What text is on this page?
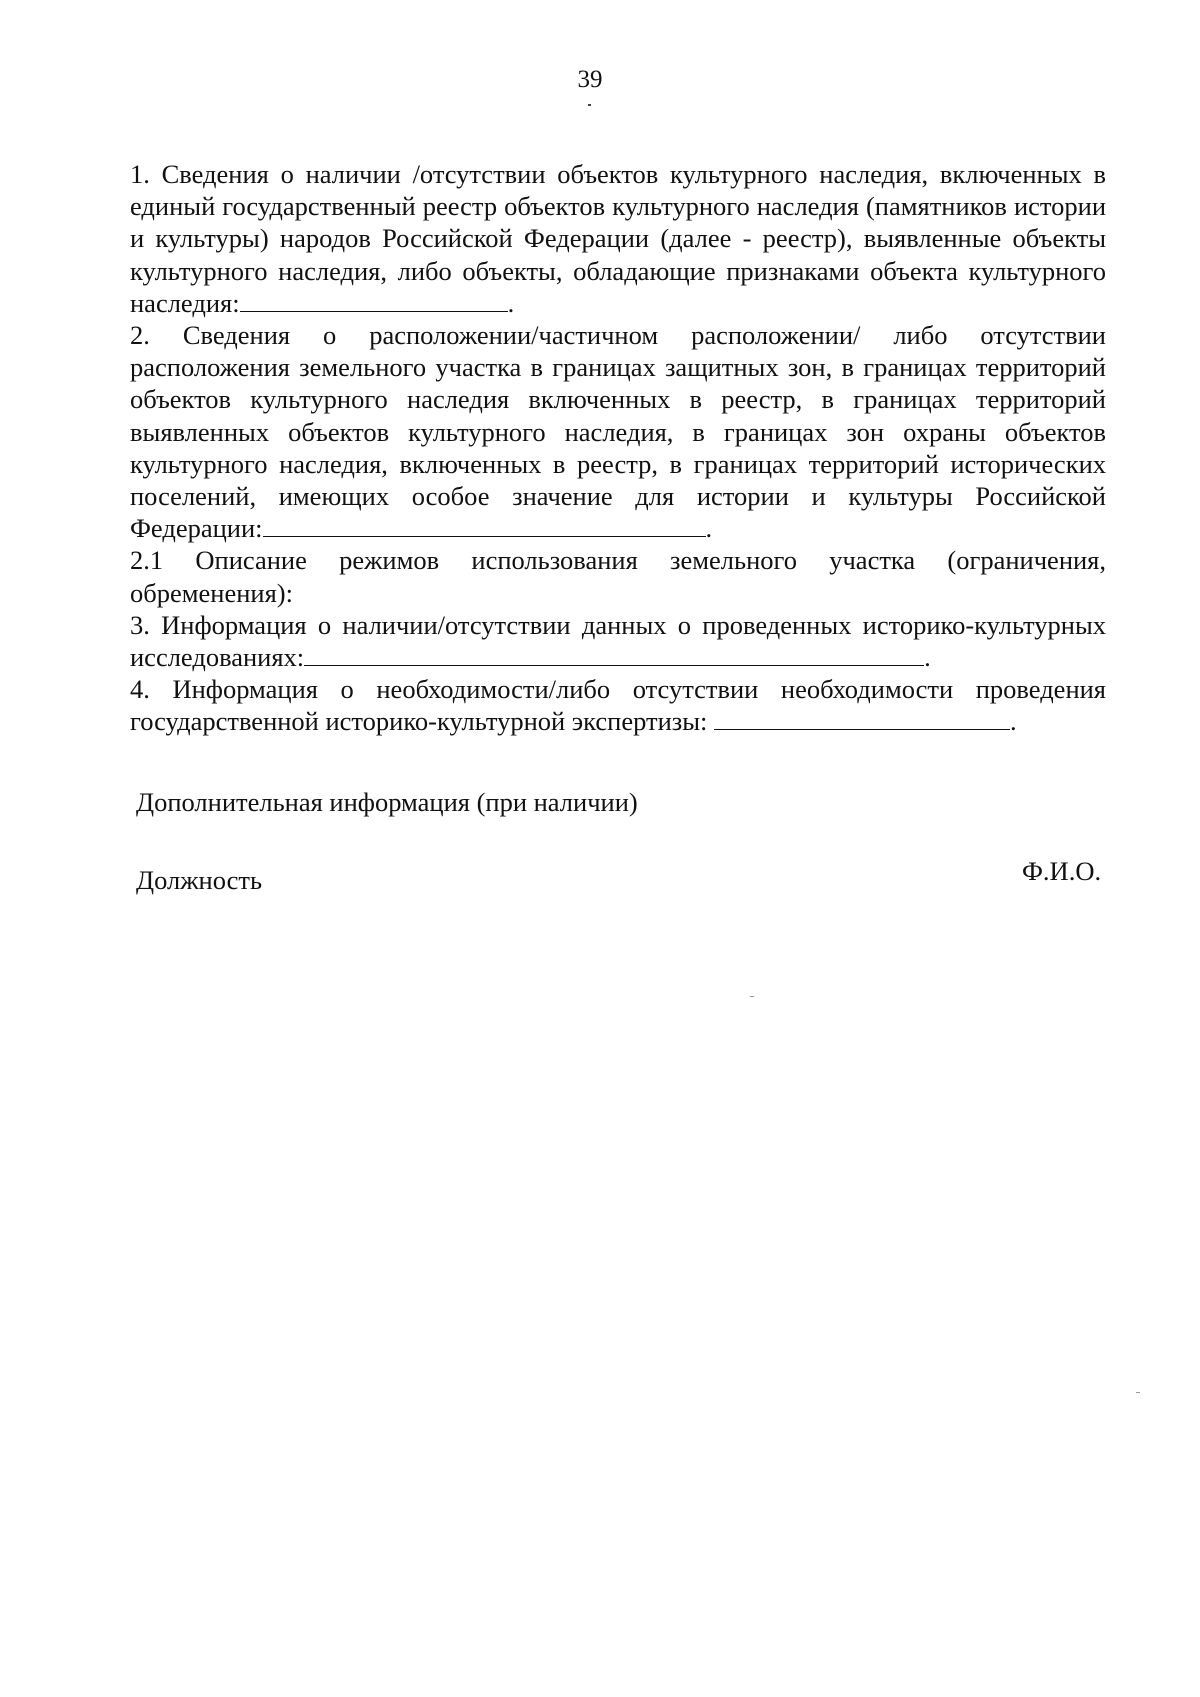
39

1. Сведения о наличии /отсутствии объектов культурного наследия, включенных в единый государственный реестр объектов культурного наследия (памятников истории и культуры) народов Российской Федерации (далее - реестр), выявленные объекты культурного наследия, либо объекты, обладающие признаками объекта культурного наследия:	.

2. Сведения о расположении/частичном расположении/ либо отсутствии расположения земельного участка в границах защитных зон, в границах территорий объектов культурного наследия включенных в реестр, в границах территорий выявленных объектов культурного наследия, в границах зон охраны объектов культурного наследия, включенных в реестр, в границах территорий исторических поселений, имеющих особое значение для истории и культуры Российской Федерации:	.

2.1 Описание режимов использования земельного участка (ограничения, обременения):

3. Информация о наличии/отсутствии данных о проведенных историко-культурных исследованиях:	.

4. Информация о необходимости/либо отсутствии необходимости проведения государственной историко-культурной экспертизы:	.

Дополнительная информация (при наличии)
Должность	Ф.И.О.
